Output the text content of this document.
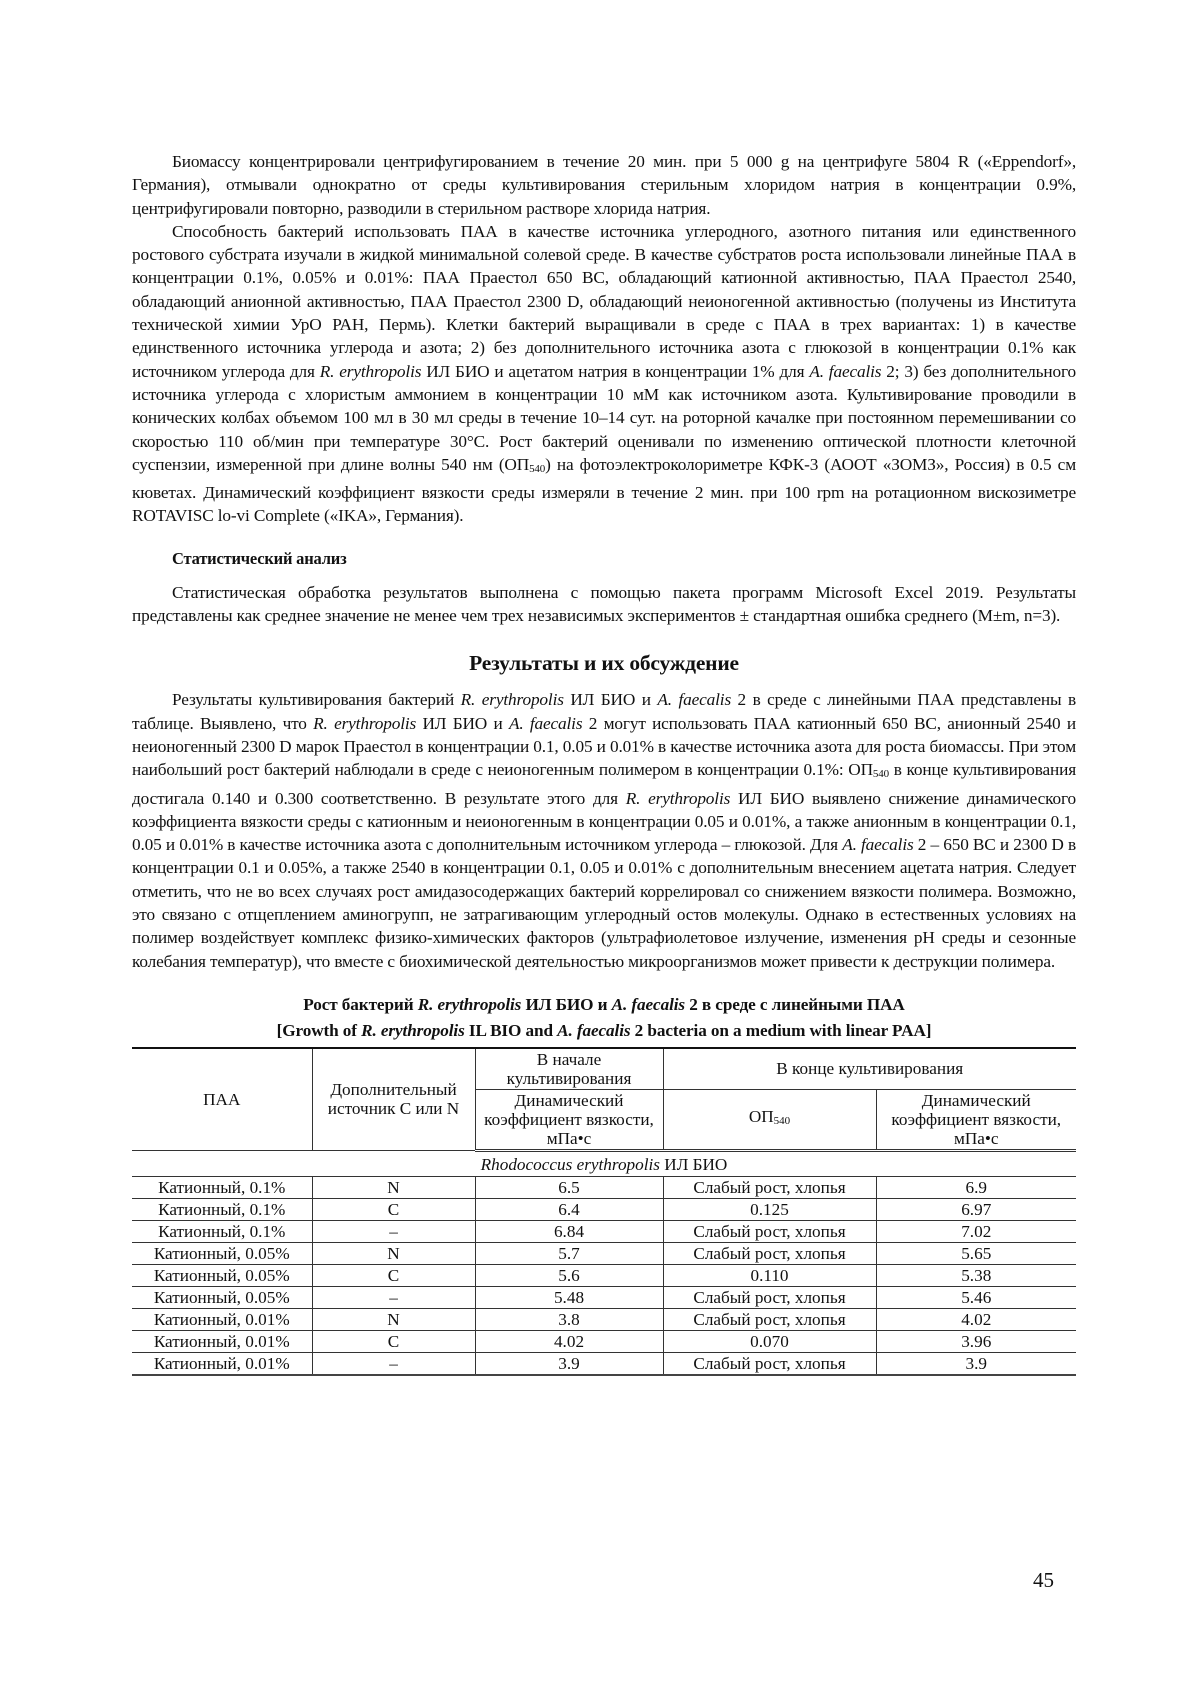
Биомассу концентрировали центрифугированием в течение 20 мин. при 5 000 g на центрифуге 5804 R («Eppendorf», Германия), отмывали однократно от среды культивирования стерильным хлоридом натрия в концентрации 0.9%, центрифугировали повторно, разводили в стерильном растворе хлорида натрия.

Способность бактерий использовать ПАА в качестве источника углеродного, азотного питания или единственного ростового субстрата изучали в жидкой минимальной солевой среде. В качестве субстратов роста использовали линейные ПАА в концентрации 0.1%, 0.05% и 0.01%: ПАА Праестол 650 ВС, обладающий катионной активностью, ПАА Праестол 2540, обладающий анионной активностью, ПАА Праестол 2300 D, обладающий неионогенной активностью (получены из Института технической химии УрО РАН, Пермь). Клетки бактерий выращивали в среде с ПАА в трех вариантах: 1) в качестве единственного источника углерода и азота; 2) без дополнительного источника азота с глюкозой в концентрации 0.1% как источником углерода для R. erythropolis ИЛ БИО и ацетатом натрия в концентрации 1% для A. faecalis 2; 3) без дополнительного источника углерода с хлористым аммонием в концентрации 10 мМ как источником азота. Культивирование проводили в конических колбах объемом 100 мл в 30 мл среды в течение 10–14 сут. на роторной качалке при постоянном перемешивании со скоростью 110 об/мин при температуре 30°С. Рост бактерий оценивали по изменению оптической плотности клеточной суспензии, измеренной при длине волны 540 нм $(ОП_{540})$ на фотоэлектроколориметре КФК-3 (АООТ «ЗОМЗ», Россия) в 0.5 см кюветах. Динамический коэффициент вязкости среды измеряли в течение 2 мин. при 100 rpm на ротационном вискозиметре ROTAVISC lo-vi Complete («IKA», Германия).

Статистический анализ

Статистическая обработка результатов выполнена с помощью пакета программ Microsoft Excel 2019. Результаты представлены как среднее значение не менее чем трех независимых экспериментов ± стандартная ошибка среднего (M±m, n=3).

Результаты и их обсуждение

Результаты культивирования бактерий R. erythropolis ИЛ БИО и A. faecalis 2 в среде с линейными ПАА представлены в таблице. Выявлено, что R. erythropolis ИЛ БИО и A. faecalis 2 могут использовать ПАА катионный 650 ВС, анионный 2540 и неионогенный 2300 D марок Праестол в концентрации 0.1, 0.05 и 0.01% в качестве источника азота для роста биомассы. При этом наибольший рост бактерий наблюдали в среде с неионогенным полимером в концентрации 0.1%: $ОП_{540}$ в конце культивирования достигала 0.140 и 0.300 соответственно. В результате этого для R. erythropolis ИЛ БИО выявлено снижение динамического коэффициента вязкости среды с катионным и неионогенным в концентрации 0.05 и 0.01%, а также анионным в концентрации 0.1, 0.05 и 0.01% в качестве источника азота с дополнительным источником углерода – глюкозой. Для A. faecalis 2 – 650 ВС и 2300 D в концентрации 0.1 и 0.05%, а также 2540 в концентрации 0.1, 0.05 и 0.01% с дополнительным внесением ацетата натрия. Следует отметить, что не во всех случаях рост амидазосодержащих бактерий коррелировал со снижением вязкости полимера. Возможно, это связано с отщеплением аминогрупп, не затрагивающим углеродный остов молекулы. Однако в естественных условиях на полимер воздействует комплекс физико-химических факторов (ультрафиолетовое излучение, изменения pH среды и сезонные колебания температур), что вместе с биохимической деятельностью микроорганизмов может привести к деструкции полимера.

Рост бактерий R. erythropolis ИЛ БИО и A. faecalis 2 в среде с линейными ПАА
[Growth of R. erythropolis IL BIO and A. faecalis 2 bacteria on a medium with linear PAA]
ПАА	Дополнительный источник С или N	В начале культивирования	В конце культивирования	
		Динамический коэффициент вязкости, мПа•с	$ОП_{540}$	Динамический коэффициент вязкости, мПа•с
Rhodococcus erythropolis ИЛ БИО				
Катионный, 0.1%	N	6.5	Слабый рост, хлопья	6.9
Катионный, 0.1%	C	6.4	0.125	6.97
Катионный, 0.1%	–	6.84	Слабый рост, хлопья	7.02
Катионный, 0.05%	N	5.7	Слабый рост, хлопья	5.65
Катионный, 0.05%	C	5.6	0.110	5.38
Катионный, 0.05%	–	5.48	Слабый рост, хлопья	5.46
Катионный, 0.01%	N	3.8	Слабый рост, хлопья	4.02
Катионный, 0.01%	C	4.02	0.070	3.96
Катионный, 0.01%	–	3.9	Слабый рост, хлопья	3.9
45
